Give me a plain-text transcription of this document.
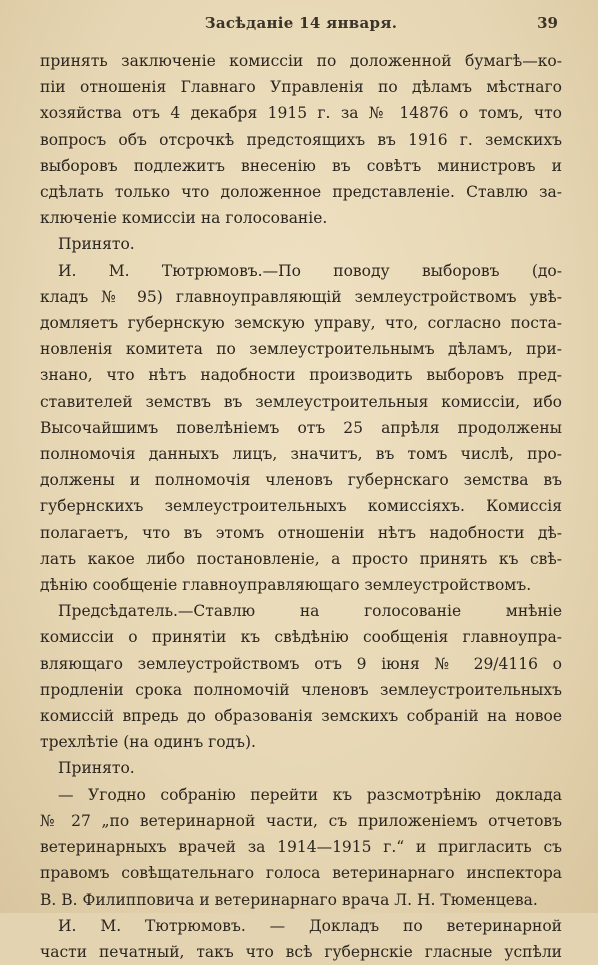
Засѣданіе 14 января.	39
принять заключеніе комиссіи по доложенной бумагѣ—ко-
піи отношенія Главнаго Управленія по дѣламъ мѣстнаго
хозяйства отъ 4 декабря 1915 г. за № 14876 о томъ, что
вопросъ объ отсрочкѣ предстоящихъ въ 1916 г. земскихъ
выборовъ подлежитъ внесенію въ совѣтъ министровъ и
сдѣлать только что доложенное представленіе. Ставлю за-
ключеніе комиссіи на голосованіе.
Принято.
И. М. Тютрюмовъ.—По поводу выборовъ (до-
кладъ № 95) главноуправляющій землеустройствомъ увѣ-
домляетъ губернскую земскую управу, что, согласно поста-
новленія комитета по землеустроительнымъ дѣламъ, при-
знано, что нѣтъ надобности производить выборовъ пред-
ставителей земствъ въ землеустроительныя комиссіи, ибо
Высочайшимъ повелѣніемъ отъ 25 апрѣля продолжены
полномочія данныхъ лицъ, значитъ, въ томъ числѣ, про-
должены и полномочія членовъ губернскаго земства въ
губернскихъ землеустроительныхъ комиссіяхъ. Комиссія
полагаетъ, что въ этомъ отношеніи нѣтъ надобности дѣ-
лать какое либо постановленіе, а просто принять къ свѣ-
дѣнію сообщеніе главноуправляющаго землеустройствомъ.
Предсѣдатель.—Ставлю на голосованіе мнѣніе
комиссіи о принятіи къ свѣдѣнію сообщенія главноупра-
вляющаго землеустройствомъ отъ 9 іюня № 29/4116 о
продленіи срока полномочій членовъ землеустроительныхъ
комиссій впредь до образованія земскихъ собраній на новое
трехлѣтіе (на одинъ годъ).
Принято.
— Угодно собранію перейти къ разсмотрѣнію доклада
№ 27 „по ветеринарной части, съ приложеніемъ отчетовъ
ветеринарныхъ врачей за 1914—1915 г.“ и пригласить съ
правомъ совѣщательнаго голоса ветеринарнаго инспектора
В. В. Филипповича и ветеринарнаго врача Л. Н. Тюменцева.
И. М. Тютрюмовъ. — Докладъ по ветеринарной
части печатный, такъ что всѣ губернскіе гласные успѣли
